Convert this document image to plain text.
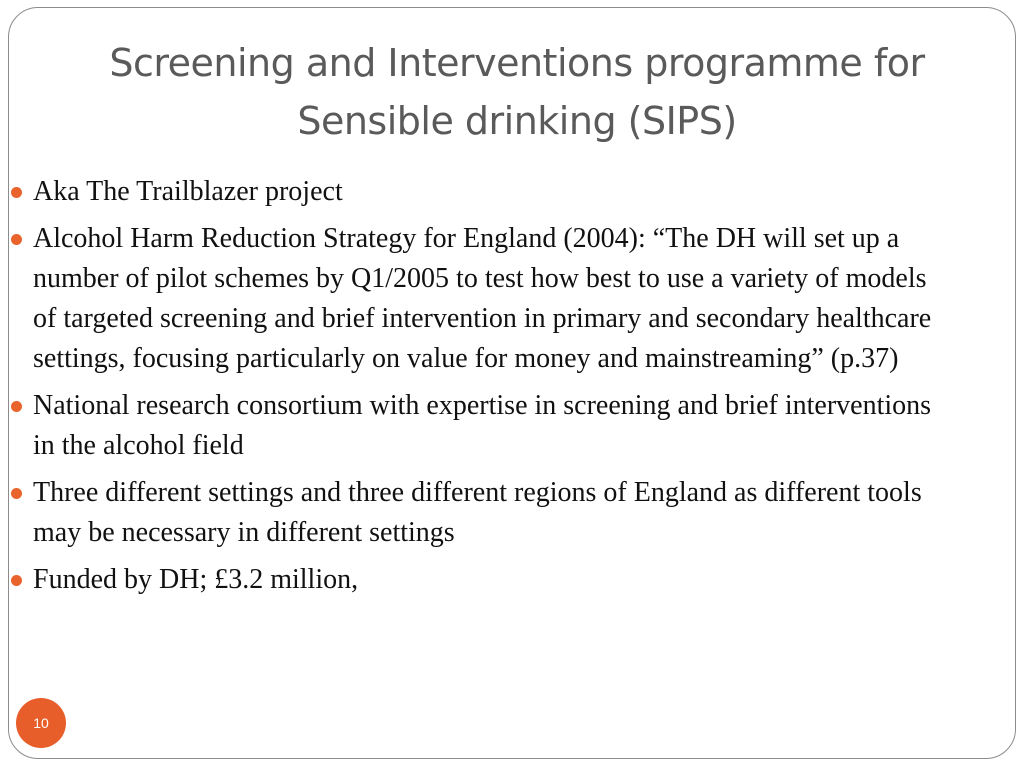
Screening and Interventions programme for
Sensible drinking (SIPS)
Aka The Trailblazer project
Alcohol Harm Reduction Strategy for England (2004): “The DH will set up a number of pilot schemes by Q1/2005 to test how best to use a variety of models of targeted screening and brief intervention in primary and secondary healthcare settings, focusing particularly on value for money and mainstreaming” (p.37)
National research consortium with expertise in screening and brief interventions in the alcohol field
Three different settings and three different regions of England as different tools may be necessary in different settings
Funded by DH; £3.2 million,
10
